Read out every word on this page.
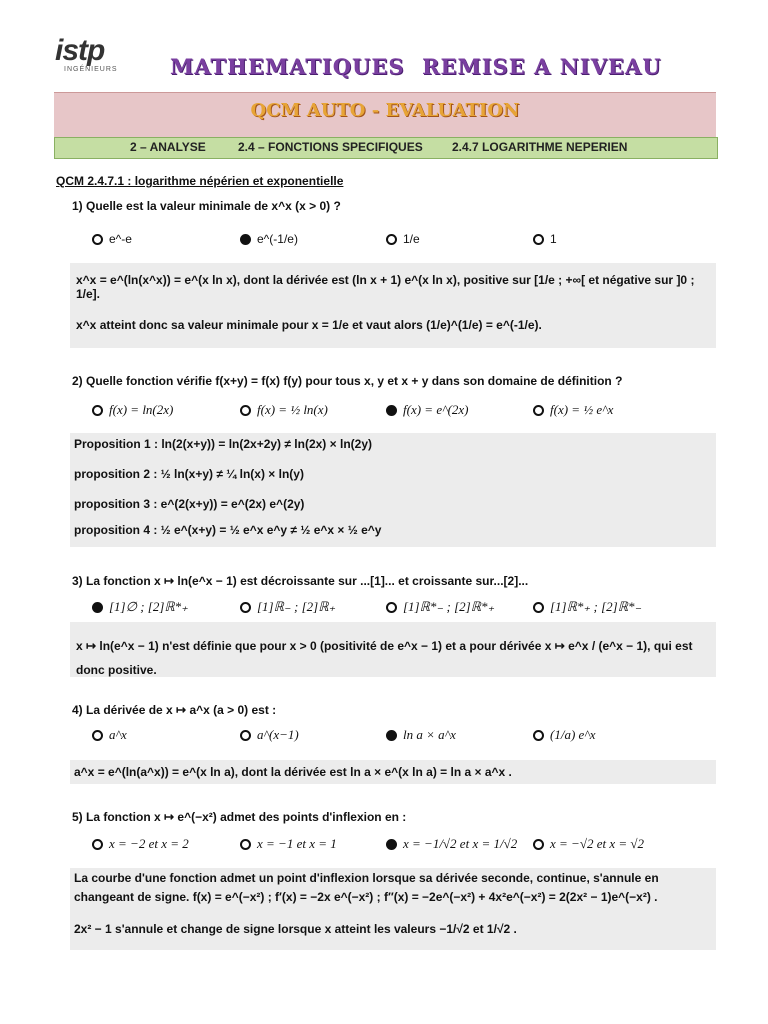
istp
INGÉNIEURS MATHEMATIQUES REMISE A NIVEAU
QCM AUTO - EVALUATION
2 – ANALYSE	2.4 – FONCTIONS SPECIFIQUES 2.4.7 LOGARITHME NEPERIEN
QCM 2.4.7.1 : logarithme népérien et exponentielle
1) Quelle est la valeur minimale de x^x (x > 0) ?
e^-e	e^(-1/e)	1/e	1
x^x = e^(ln(x^x)) = e^(x ln x), dont la dérivée est (ln x + 1) e^(x ln x), positive sur [1/e ; +∞[ et négative sur ]0 ; 1/e].
x^x atteint donc sa valeur minimale pour x = 1/e et vaut alors (1/e)^(1/e) = e^(-1/e).
2) Quelle fonction vérifie f(x+y) = f(x) f(y) pour tous x, y et x + y dans son domaine de définition ?
f(x) = ln(2x)	f(x) = ½ ln(x)	f(x) = e^(2x)	f(x) = ½ e^x
Proposition 1 : ln(2(x+y)) = ln(2x+2y) ≠ ln(2x) × ln(2y)
proposition 2 : ½ ln(x+y) ≠ ¼ ln(x) × ln(y)
proposition 3 : e^(2(x+y)) = e^(2x) e^(2y)
proposition 4 : ½ e^(x+y) = ½ e^x e^y ≠ ½ e^x × ½ e^y
3) La fonction x ↦ ln(e^x − 1) est décroissante sur ...[1]... et croissante sur...[2]...
[1]∅ ; [2]ℝ*₊	[1]ℝ₋ ; [2]ℝ₊	[1]ℝ*₋ ; [2]ℝ*₊	[1]ℝ*₊ ; [2]ℝ*₋
x ↦ ln(e^x − 1) n'est définie que pour x > 0 (positivité de e^x − 1) et a pour dérivée x ↦ e^x / (e^x − 1), qui est donc positive.
4) La dérivée de x ↦ a^x (a > 0) est :
a^x	a^(x−1)	ln a × a^x	(1/a) e^x
a^x = e^(ln(a^x)) = e^(x ln a), dont la dérivée est ln a × e^(x ln a) = ln a × a^x .
5) La fonction x ↦ e^(−x²) admet des points d'inflexion en :
x = −2 et x = 2	x = −1 et x = 1	x = −1/√2 et x = 1/√2	x = −√2 et x = √2
La courbe d'une fonction admet un point d'inflexion lorsque sa dérivée seconde, continue, s'annule en
changeant de signe. f(x) = e^(−x²) ; f′(x) = −2x e^(−x²) ; f″(x) = −2e^(−x²) + 4x²e^(−x²) = 2(2x² − 1)e^(−x²) .
2x² − 1 s'annule et change de signe lorsque x atteint les valeurs −1/√2 et 1/√2 .
